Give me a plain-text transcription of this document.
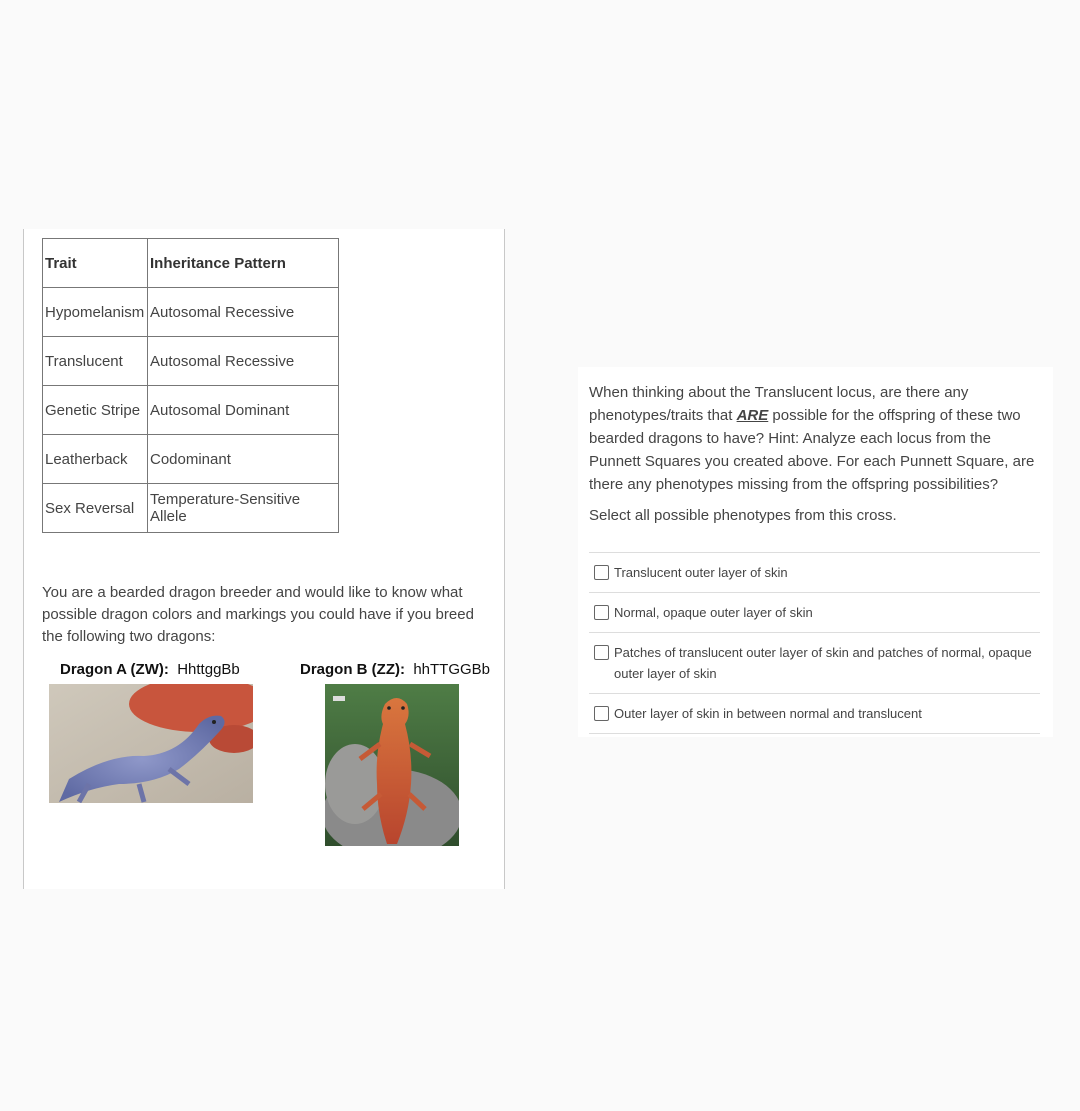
Trait	Inheritance Pattern
Hypomelanism	Autosomal Recessive
Translucent	Autosomal Recessive
Genetic Stripe	Autosomal Dominant
Leatherback	Codominant
Sex Reversal	Temperature-Sensitive Allele

You are a bearded dragon breeder and would like to know what possible dragon colors and markings you could have if you breed the following two dragons:

Dragon A (ZW): HhttggBb	Dragon B (ZZ): hhTTGGBb

When thinking about the Translucent locus, are there any phenotypes/traits that ARE possible for the offspring of these two bearded dragons to have? Hint: Analyze each locus from the Punnett Squares you created above. For each Punnett Square, are there any phenotypes missing from the offspring possibilities?

Select all possible phenotypes from this cross.

Translucent outer layer of skin
Normal, opaque outer layer of skin
Patches of translucent outer layer of skin and patches of normal, opaque outer layer of skin
Outer layer of skin in between normal and translucent
